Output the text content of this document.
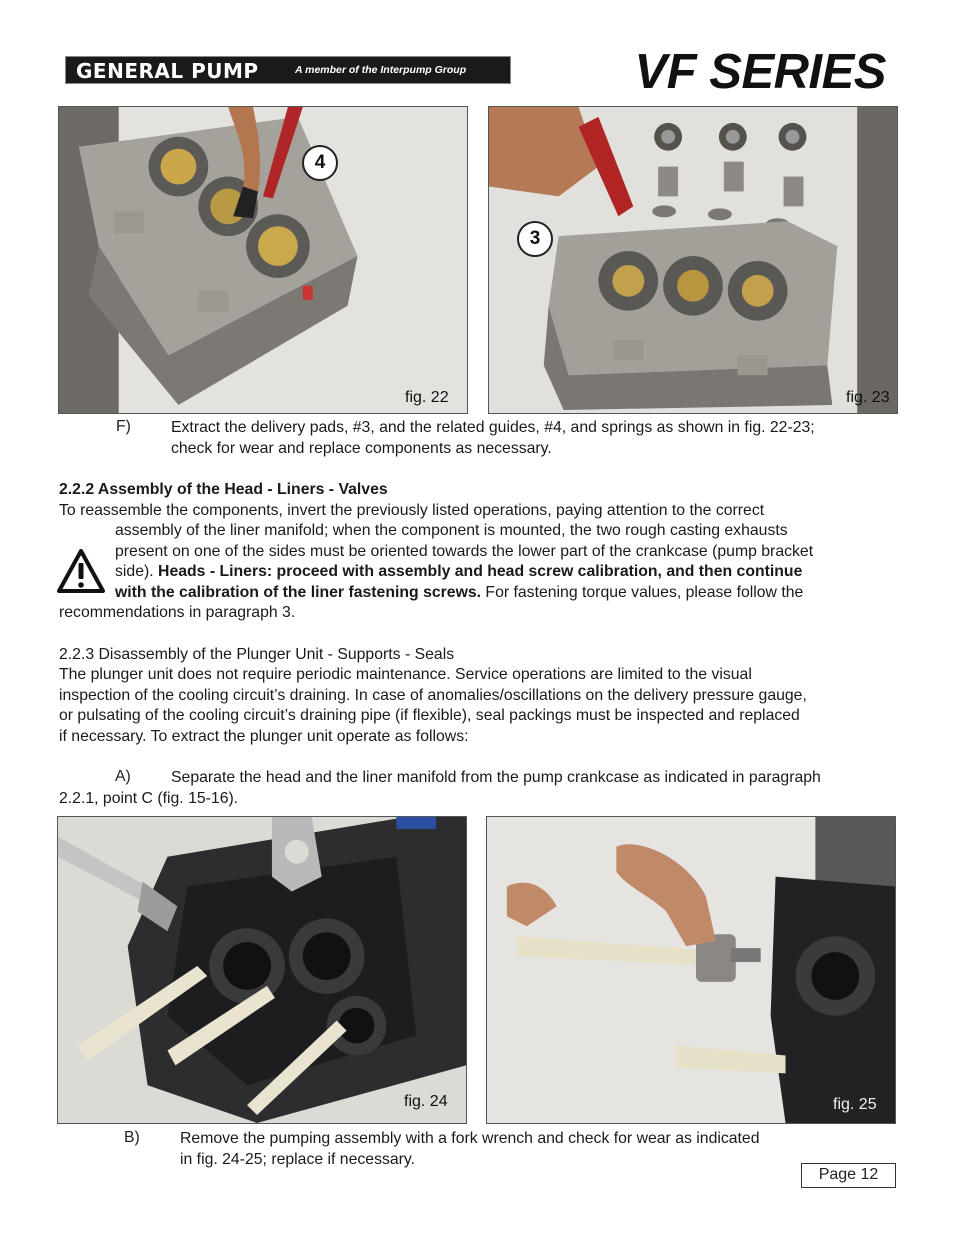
GENERAL PUMP	A member of the Interpump Group	VF SERIES
4
fig. 22
3
fig. 23
F)	Extract the delivery pads, #3, and the related guides, #4, and springs as shown in fig. 22-23;
check for wear and replace components as necessary.
2.2.2 Assembly of the Head - Liners - Valves
To reassemble the components, invert the previously listed operations, paying attention to the correct
assembly of the liner manifold; when the component is mounted, the two rough casting exhausts
present on one of the sides must be oriented towards the lower part of the crankcase (pump bracket
side). Heads - Liners: proceed with assembly and head screw calibration, and then continue
with the calibration of the liner fastening screws. For fastening torque values, please follow the
recommendations in paragraph 3.
2.2.3 Disassembly of the Plunger Unit - Supports - Seals
The plunger unit does not require periodic maintenance. Service operations are limited to the visual
inspection of the cooling circuit’s draining. In case of anomalies/oscillations on the delivery pressure gauge,
or pulsating of the cooling circuit’s draining pipe (if flexible), seal packings must be inspected and replaced
if necessary. To extract the plunger unit operate as follows:
A)	Separate the head and the liner manifold from the pump crankcase as indicated in paragraph
2.2.1, point C (fig. 15-16).
fig. 24	fig. 25
B)	Remove the pumping assembly with a fork wrench and check for wear as indicated
in fig. 24-25; replace if necessary.
Page 12
